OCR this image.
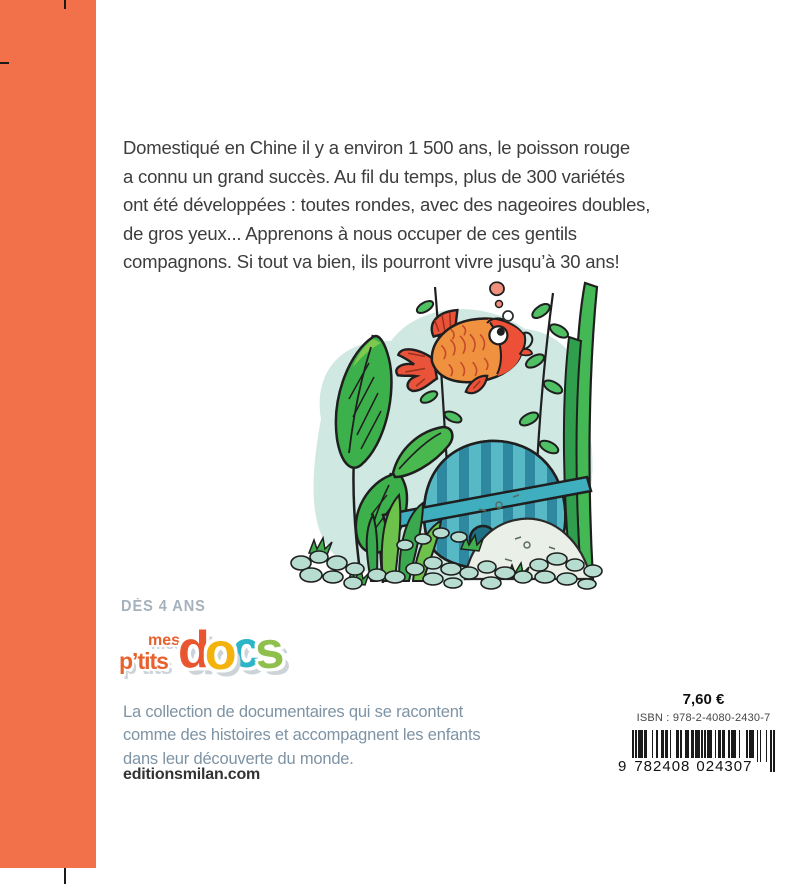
Domestiqué en Chine il y a environ 1 500 ans, le poisson rouge
a connu un grand succès. Au fil du temps, plus de 300 variétés
ont été développées : toutes rondes, avec des nageoires doubles,
de gros yeux... Apprenons à nous occuper de ces gentils
compagnons. Si tout va bien, ils pourront vivre jusqu’à 30 ans!
DÈS 4 ANS
mes
p’tits docs
La collection de documentaires qui se racontent
comme des histoires et accompagnent les enfants
dans leur découverte du monde.
editionsmilan.com
7,60 €
ISBN : 978-2-4080-2430-7
9 782408 024307
